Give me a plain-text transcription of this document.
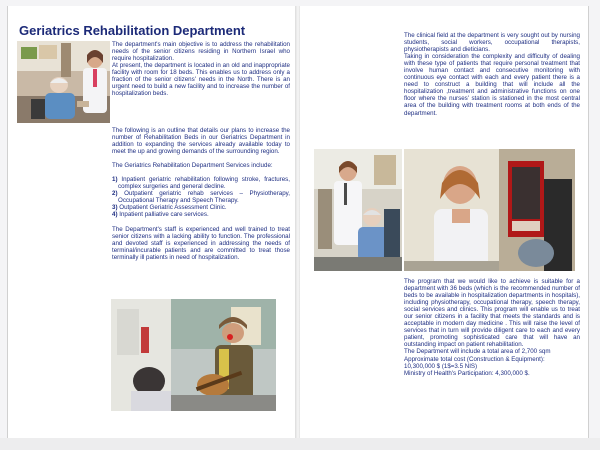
Geriatrics Rehabilitation Department

The department's main objective is to address the rehabilitation needs of the senior citizens residing in Northern Israel who require hospitalization.

At present, the department is located in an old and inappropriate facility with room for 18 beds. This enables us to address only a fraction of the senior citizens' needs in the North. There is an urgent need to build a new facility and to increase the number of hospitalization beds.

The following is an outline that details our plans to increase the number of Rehabilitation Beds in our Geriatrics Department in addition to expanding the services already available today to meet the up and growing demands of the surrounding region.

The Geriatrics Rehabilitation Department Services include:

1) Inpatient geriatric rehabilitation following stroke, fractures, complex surgeries and general decline.
2) Outpatient geriatric rehab services – Physiotherapy, Occupational Therapy and Speech Therapy.
3) Outpatient Geriatric Assessment Clinic.
4) Inpatient palliative care services.

The Department's staff is experienced and well trained to treat senior citizens with a lacking ability to function. The professional and devoted staff is experienced in addressing the needs of terminal/incurable patients and are committed to treat those terminally ill patients in need of hospitalization.

The clinical field at the department is very sought out by nursing students, social workers, occupational therapists, physiotherapists and dieticians.

Taking in consideration the complexity and difficulty of dealing with these type of patients that require personal treatment that involve human contact and consecutive monitoring with continuous eye contact with each and every patient there is a need to construct a building that will include all the hospitalization ,treatment and administrative functions on one floor where the nurses' station is stationed in the most central area of the building with treatment rooms at both ends of the department.

The program that we would like to achieve is suitable for a department with 36 beds (which is the recommended number of beds to be available in hospitalization departments in hospitals), including physiotherapy, occupational therapy, speech therapy, social services and clinics. This program will enable us to treat our senior citizens in a facility that meets the standards and is acceptable in modern day medicine . This will raise the level of services that in turn will provide diligent care to each and every patient, promoting sophisticated care that will have an outstanding impact on patient rehabilitation.

The Department will include a total area of 2,700 sqm

Approximate total cost (Construction & Equipment):

10,300,000 $ (1$=3.5 NIS)

Ministry of Health's Participation: 4,300,000 $.
